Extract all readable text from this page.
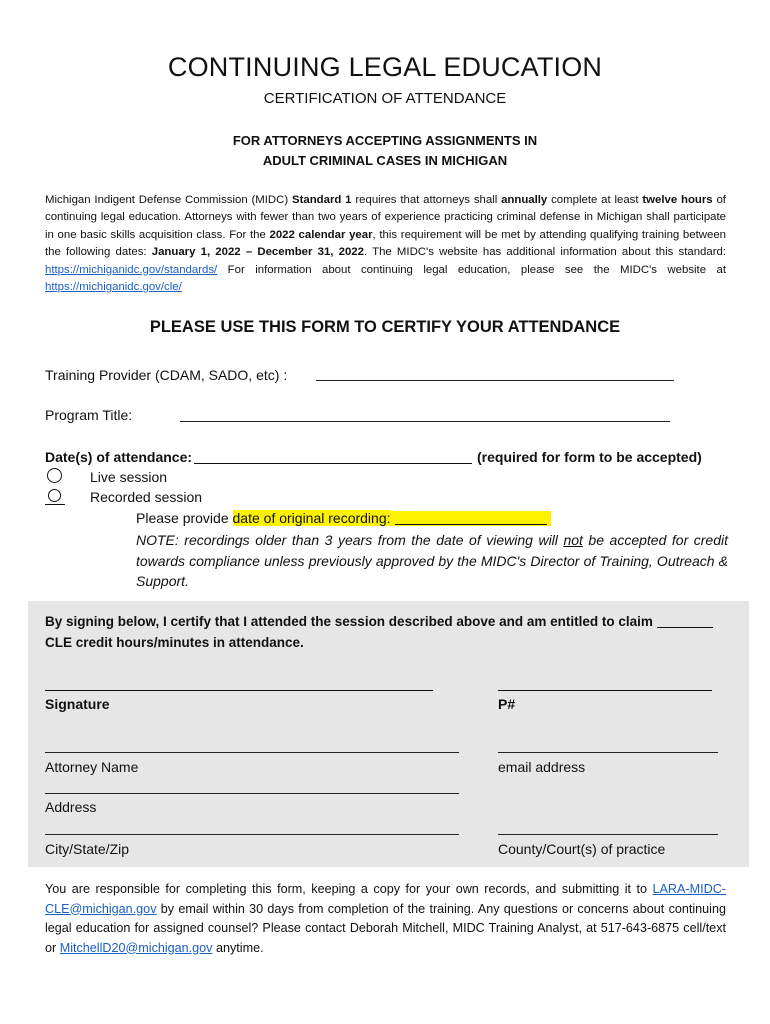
CONTINUING LEGAL EDUCATION
CERTIFICATION OF ATTENDANCE
FOR ATTORNEYS ACCEPTING ASSIGNMENTS IN
ADULT CRIMINAL CASES IN MICHIGAN
Michigan Indigent Defense Commission (MIDC) Standard 1 requires that attorneys shall annually complete at least twelve hours of continuing legal education. Attorneys with fewer than two years of experience practicing criminal defense in Michigan shall participate in one basic skills acquisition class. For the 2022 calendar year, this requirement will be met by attending qualifying training between the following dates: January 1, 2022 – December 31, 2022. The MIDC's website has additional information about this standard: https://michiganidc.gov/standards/ For information about continuing legal education, please see the MIDC's website at https://michiganidc.gov/cle/
PLEASE USE THIS FORM TO CERTIFY YOUR ATTENDANCE
Training Provider (CDAM, SADO, etc) :
Program Title:
Date(s) of attendance:	(required for form to be accepted)
Live session
Recorded session
Please provide date of original recording:
NOTE: recordings older than 3 years from the date of viewing will not be accepted for credit towards compliance unless previously approved by the MIDC's Director of Training, Outreach & Support.
By signing below, I certify that I attended the session described above and am entitled to claim
CLE credit hours/minutes in attendance.
Signature	P#
Attorney Name	email address
Address
City/State/Zip	County/Court(s) of practice
You are responsible for completing this form, keeping a copy for your own records, and submitting it to LARA-MIDC-CLE@michigan.gov by email within 30 days from completion of the training. Any questions or concerns about continuing legal education for assigned counsel? Please contact Deborah Mitchell, MIDC Training Analyst, at 517-643-6875 cell/text or MitchellD20@michigan.gov anytime.
